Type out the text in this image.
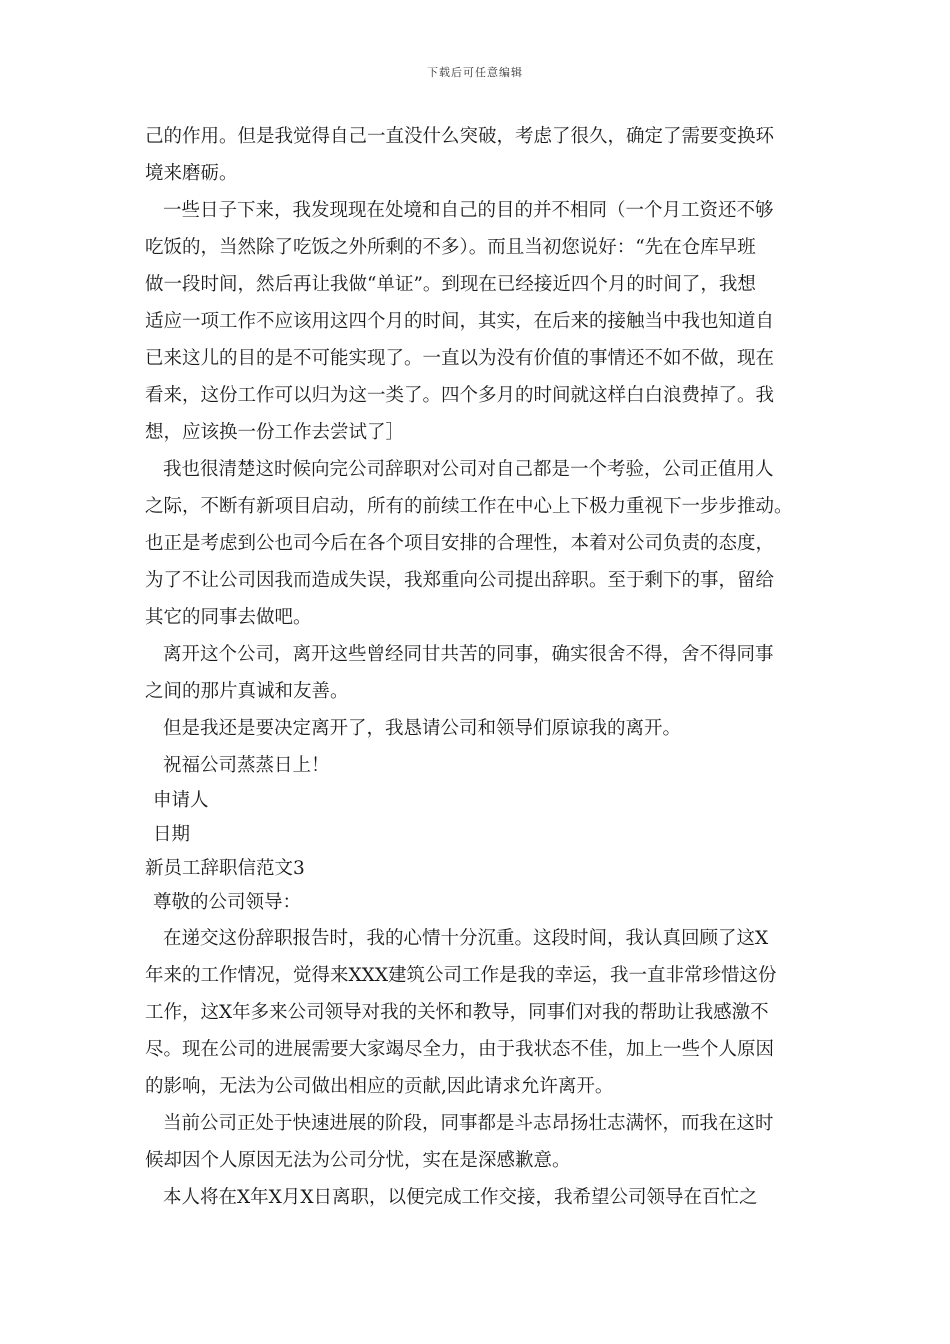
下载后可任意编辑
己的作用。但是我觉得自己一直没什么突破，考虑了很久，确定了需要变换环
境来磨砺。
一些日子下来，我发现现在处境和自己的目的并不相同（一个月工资还不够
吃饭的，当然除了吃饭之外所剩的不多）。而且当初您说好：“先在仓库早班
做一段时间，然后再让我做“单证”。到现在已经接近四个月的时间了，我想
适应一项工作不应该用这四个月的时间，其实，在后来的接触当中我也知道自
已来这儿的目的是不可能实现了。一直以为没有价值的事情还不如不做，现在
看来，这份工作可以归为这一类了。四个多月的时间就这样白白浪费掉了。我
想，应该换一份工作去尝试了］
我也很清楚这时候向完公司辞职对公司对自己都是一个考验，公司正值用人
之际，不断有新项目启动，所有的前续工作在中心上下极力重视下一步步推动。
也正是考虑到公也司今后在各个项目安排的合理性，本着对公司负责的态度，
为了不让公司因我而造成失误，我郑重向公司提出辞职。至于剩下的事，留给
其它的同事去做吧。
离开这个公司，离开这些曾经同甘共苦的同事，确实很舍不得，舍不得同事
之间的那片真诚和友善。
但是我还是要决定离开了，我恳请公司和领导们原谅我的离开。
祝福公司蒸蒸日上！
申请人
日期
新员工辞职信范文3
尊敬的公司领导：
在递交这份辞职报告时，我的心情十分沉重。这段时间，我认真回顾了这X
年来的工作情况，觉得来XXX建筑公司工作是我的幸运，我一直非常珍惜这份
工作，这X年多来公司领导对我的关怀和教导，同事们对我的帮助让我感激不
尽。现在公司的进展需要大家竭尽全力，由于我状态不佳，加上一些个人原因
的影响，无法为公司做出相应的贡献,因此请求允许离开。
当前公司正处于快速进展的阶段，同事都是斗志昂扬壮志满怀，而我在这时
候却因个人原因无法为公司分忧，实在是深感歉意。
本人将在X年X月X日离职，以便完成工作交接，我希望公司领导在百忙之
